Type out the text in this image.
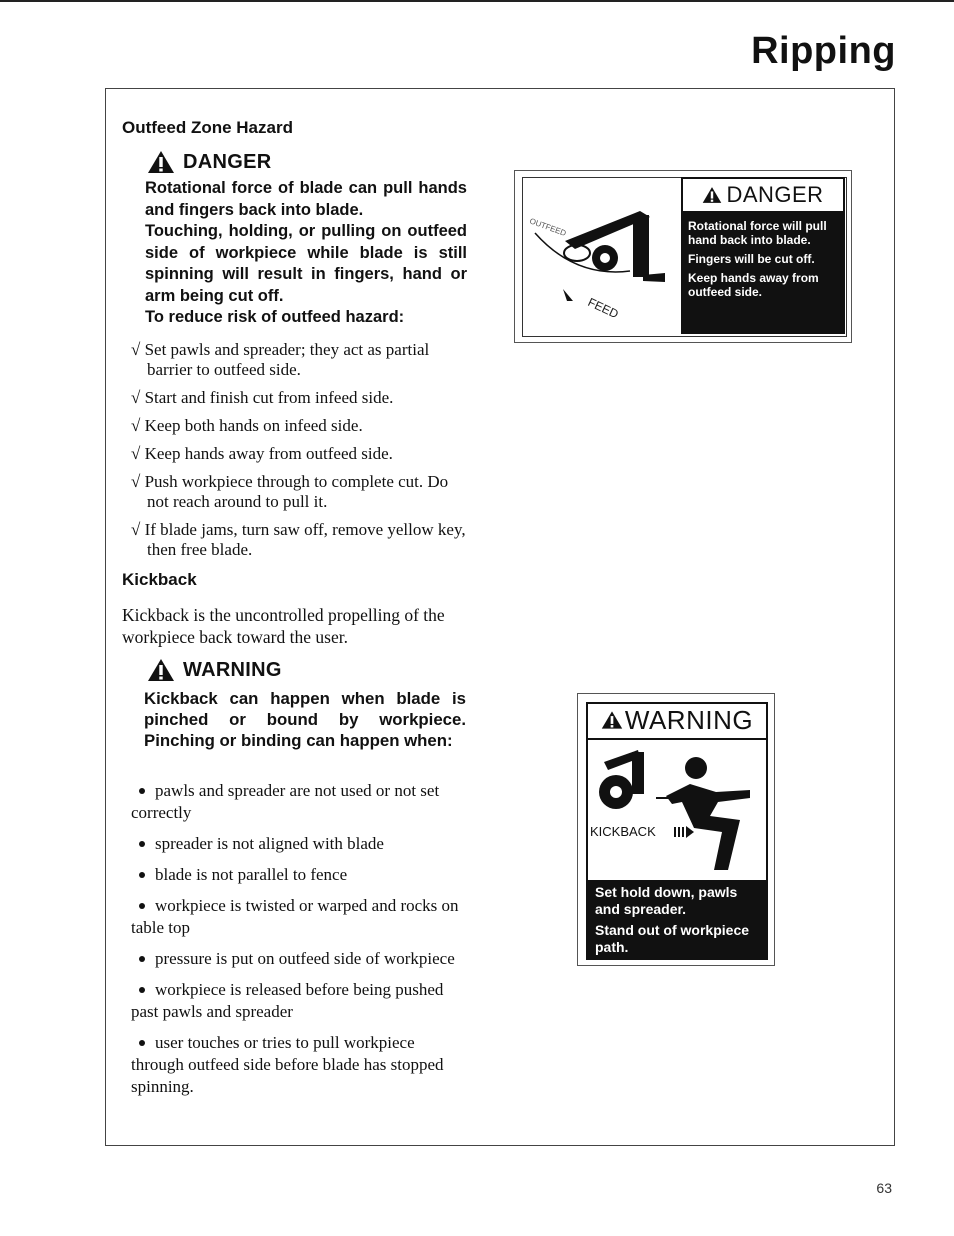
Ripping
Outfeed Zone Hazard
DANGER

Rotational force of blade can pull hands and fingers back into blade.

Touching, holding, or pulling on outfeed side of workpiece while blade is still spinning will result in fingers, hand or arm being cut off.

To reduce risk of outfeed hazard:

√ Set pawls and spreader; they act as partial barrier to outfeed side.
√ Start and finish cut from infeed side.
√ Keep both hands on infeed side.
√ Keep hands away from outfeed side.
√ Push workpiece through to complete cut. Do not reach around to pull it.
√ If blade jams, turn saw off, remove yellow key, then free blade.
Kickback
Kickback is the uncontrolled propelling of the workpiece back toward the user.
WARNING
Kickback can happen when blade is pinched or bound by workpiece. Pinching or binding can happen when:
pawls and spreader are not used or not set correctly
spreader is not aligned with blade
blade is not parallel to fence
workpiece is twisted or warped and rocks on table top
pressure is put on outfeed side of workpiece
workpiece is released before being pushed past pawls and spreader
user touches or tries to pull workpiece through outfeed side before blade has stopped spinning.
OUTFEED
FEED
DANGER

Rotational force will pull hand back into blade.

Fingers will be cut off.

Keep hands away from outfeed side.

WARNING
KICKBACK

Set hold down, pawls and spreader.

Stand out of workpiece path.

63
